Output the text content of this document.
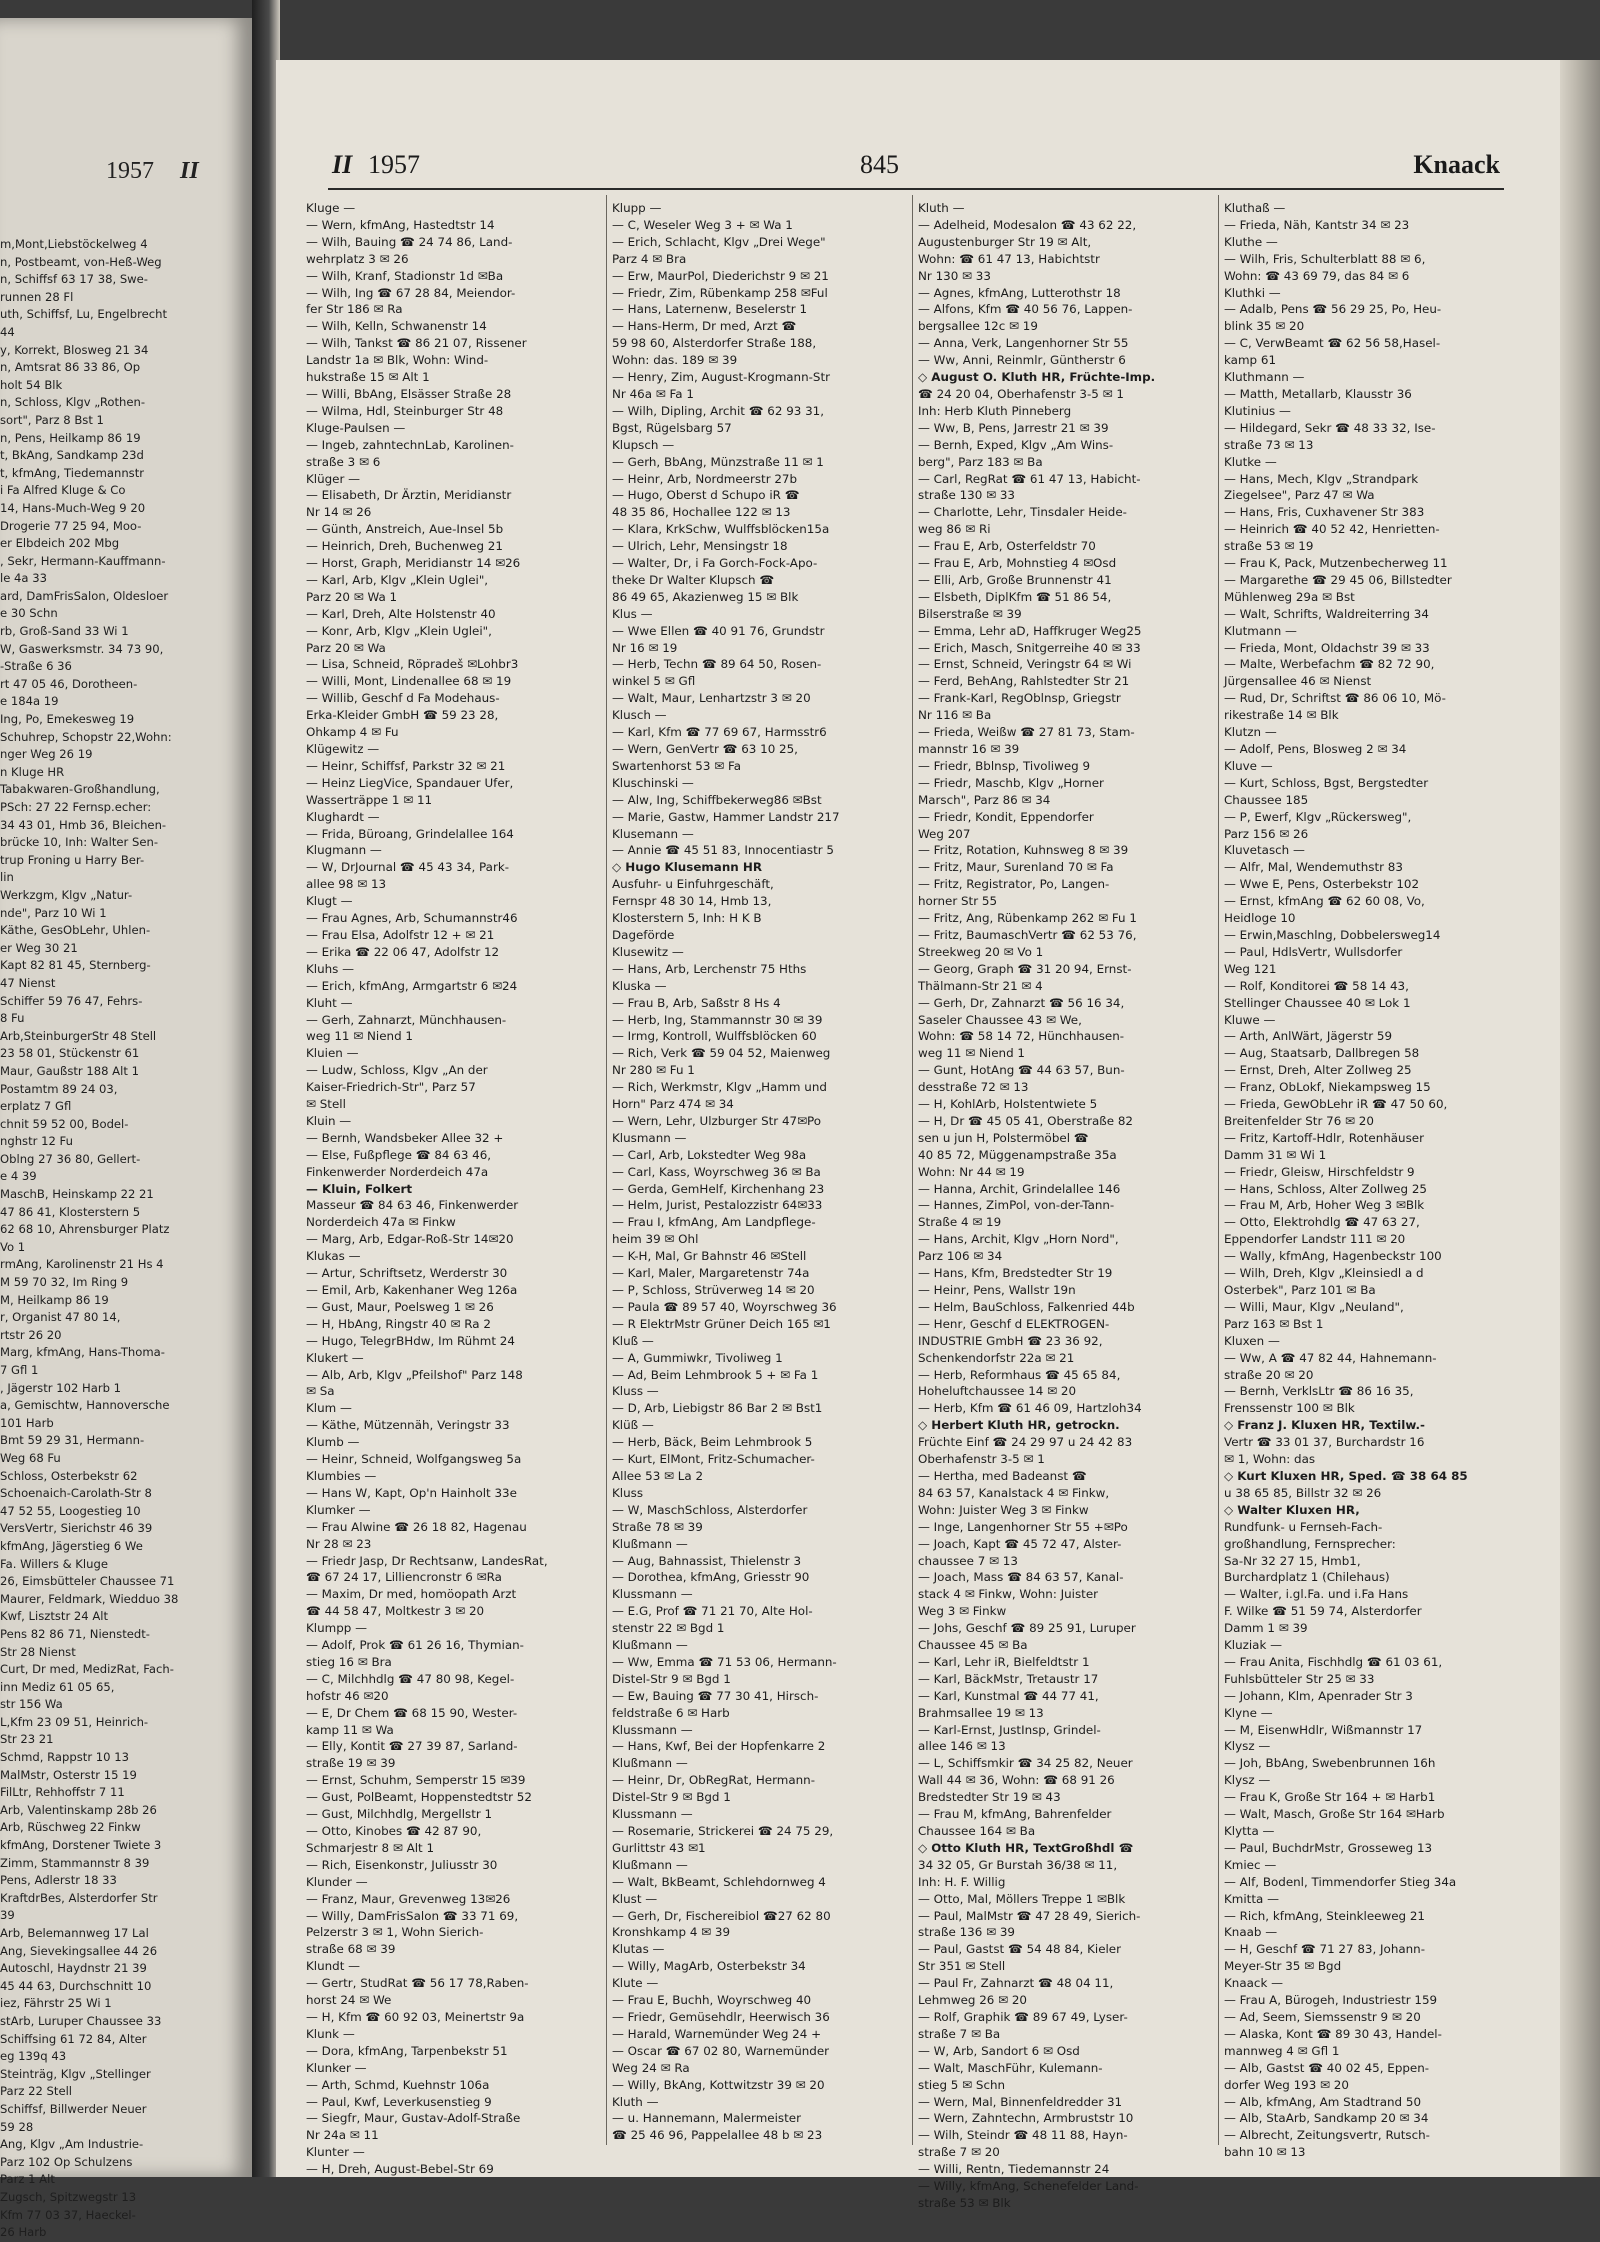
1957 II
m,Mont,Liebstöckelweg 4
n, Postbeamt, von-Heß-Weg
n, Schiffsf 63 17 38, Swe-
runnen 28 Fl
uth, Schiffsf, Lu, Engelbrecht
44
y, Korrekt, Blosweg 21 34
n, Amtsrat 86 33 86, Op
holt 54 Blk
n, Schloss, Klgv „Rothen-
sort", Parz 8 Bst 1
n, Pens, Heilkamp 86 19
t, BkAng, Sandkamp 23d
t, kfmAng, Tiedemannstr
i Fa Alfred Kluge & Co
14, Hans-Much-Weg 9 20
Drogerie 77 25 94, Moo-
er Elbdeich 202 Mbg
, Sekr, Hermann-Kauffmann-
le 4a 33
ard, DamFrisSalon, Oldesloer
e 30 Schn
rb, Groß-Sand 33 Wi 1
W, Gaswerksmstr. 34 73 90,
-Straße 6 36
rt 47 05 46, Dorotheen-
e 184a 19
Ing, Po, Emekesweg 19
Schuhrep, Schopstr 22,Wohn:
nger Weg 26 19
n Kluge HR
Tabakwaren-Großhandlung,
PSch: 27 22 Fernsp.echer:
34 43 01, Hmb 36, Bleichen-
brücke 10, Inh: Walter Sen-
trup Froning u Harry Ber-
lin
Werkzgm, Klgv „Natur-
nde", Parz 10 Wi 1
Käthe, GesObLehr, Uhlen-
er Weg 30 21
Kapt 82 81 45, Sternberg-
47 Nienst
Schiffer 59 76 47, Fehrs-
8 Fu
Arb,SteinburgerStr 48 Stell
23 58 01, Stückenstr 61
Maur, Gaußstr 188 Alt 1
Postamtm 89 24 03,
erplatz 7 Gfl
chnit 59 52 00, Bodel-
nghstr 12 Fu
Oblng 27 36 80, Gellert-
e 4 39
MaschB, Heinskamp 22 21
47 86 41, Klosterstern 5
62 68 10, Ahrensburger Platz
Vo 1
rmAng, Karolinenstr 21 Hs 4
M 59 70 32, Im Ring 9
M, Heilkamp 86 19
r, Organist 47 80 14,
rtstr 26 20
Marg, kfmAng, Hans-Thoma-
7 Gfl 1
, Jägerstr 102 Harb 1
a, Gemischtw, Hannoversche
101 Harb
Bmt 59 29 31, Hermann-
Weg 68 Fu
Schloss, Osterbekstr 62
Schoenaich-Carolath-Str 8
47 52 55, Loogestieg 10
VersVertr, Sierichstr 46 39
kfmAng, Jägerstieg 6 We
Fa. Willers & Kluge
26, Eimsbütteler Chaussee 71
Maurer, Feldmark, Wiedduo 38
Kwf, Lisztstr 24 Alt
Pens 82 86 71, Nienstedt-
Str 28 Nienst
Curt, Dr med, MedizRat, Fach-
inn Mediz 61 05 65,
str 156 Wa
L,Kfm 23 09 51, Heinrich-
Str 23 21
Schmd, Rappstr 10 13
MalMstr, Osterstr 15 19
FilLtr, Rehhoffstr 7 11
Arb, Valentinskamp 28b 26
Arb, Rüschweg 22 Finkw
kfmAng, Dorstener Twiete 3
Zimm, Stammannstr 8 39
Pens, Adlerstr 18 33
KraftdrBes, Alsterdorfer Str
39
Arb, Belemannweg 17 Lal
Ang, Sievekingsallee 44 26
Autoschl, Haydnstr 21 39
45 44 63, Durchschnitt 10
iez, Fährstr 25 Wi 1
stArb, Luruper Chaussee 33
Schiffsing 61 72 84, Alter
eg 139q 43
Steinträg, Klgv „Stellinger
Parz 22 Stell
Schiffsf, Billwerder Neuer
59 28
Ang, Klgv „Am Industrie-
Parz 102 Op Schulzens
Parz 1 Alt
Zugsch, Spitzwegstr 13
Kfm 77 03 37, Haeckel-
26 Harb
II 1957	845	Knaack
Kluge —
— Wern, kfmAng, Hastedtstr 14
— Wilh, Bauing ☎ 24 74 86, Land-
wehrplatz 3 ✉ 26
— Wilh, Kranf, Stadionstr 1d ✉Ba
— Wilh, Ing ☎ 67 28 84, Meiendor-
fer Str 186 ✉ Ra
— Wilh, Kelln, Schwanenstr 14
— Wilh, Tankst ☎ 86 21 07, Rissener
Landstr 1a ✉ Blk, Wohn: Wind-
hukstraße 15 ✉ Alt 1
— Willi, BbAng, Elsässer Straße 28
— Wilma, Hdl, Steinburger Str 48
Kluge-Paulsen —
— Ingeb, zahntechnLab, Karolinen-
straße 3 ✉ 6
Klüger —
— Elisabeth, Dr Ärztin, Meridianstr
Nr 14 ✉ 26
— Günth, Anstreich, Aue-Insel 5b
— Heinrich, Dreh, Buchenweg 21
— Horst, Graph, Meridianstr 14 ✉26
— Karl, Arb, Klgv „Klein Uglei",
Parz 20 ✉ Wa 1
— Karl, Dreh, Alte Holstenstr 40
— Konr, Arb, Klgv „Klein Uglei",
Parz 20 ✉ Wa
— Lisa, Schneid, Röpradeš ✉Lohbr3
— Willi, Mont, Lindenallee 68 ✉ 19
— Willib, Geschf d Fa Modehaus-
Erka-Kleider GmbH ☎ 59 23 28,
Ohkamp 4 ✉ Fu
Klügewitz —
— Heinr, Schiffsf, Parkstr 32 ✉ 21
— Heinz LiegVice, Spandauer Ufer,
Wasserträppe 1 ✉ 11
Klughardt —
— Frida, Büroang, Grindelallee 164
Klugmann —
— W, DrJournal ☎ 45 43 34, Park-
allee 98 ✉ 13
Klugt —
— Frau Agnes, Arb, Schumannstr46
— Frau Elsa, Adolfstr 12 + ✉ 21
— Erika ☎ 22 06 47, Adolfstr 12
Kluhs —
— Erich, kfmAng, Armgartstr 6 ✉24
Kluht —
— Gerh, Zahnarzt, Münchhausen-
weg 11 ✉ Niend 1
Kluien —
— Ludw, Schloss, Klgv „An der
Kaiser-Friedrich-Str", Parz 57
✉ Stell
Kluin —
— Bernh, Wandsbeker Allee 32 +
— Else, Fußpflege ☎ 84 63 46,
Finkenwerder Norderdeich 47a
— Kluin, Folkert
Masseur ☎ 84 63 46, Finkenwerder
Norderdeich 47a ✉ Finkw
— Marg, Arb, Edgar-Roß-Str 14✉20
Klukas —
— Artur, Schriftsetz, Werderstr 30
— Emil, Arb, Kakenhaner Weg 126a
— Gust, Maur, Poelsweg 1 ✉ 26
— H, HbAng, Ringstr 40 ✉ Ra 2
— Hugo, TelegrBHdw, Im Rühmt 24
Klukert —
— Alb, Arb, Klgv „Pfeilshof" Parz 148
✉ Sa
Klum —
— Käthe, Mützennäh, Veringstr 33
Klumb —
— Heinr, Schneid, Wolfgangsweg 5a
Klumbies —
— Hans W, Kapt, Op'n Hainholt 33e
Klumker —
— Frau Alwine ☎ 26 18 82, Hagenau
Nr 28 ✉ 23
— Friedr Jasp, Dr Rechtsanw, LandesRat,
☎ 67 24 17, Lilliencronstr 6 ✉Ra
— Maxim, Dr med, homöopath Arzt
☎ 44 58 47, Moltkestr 3 ✉ 20
Klumpp —
— Adolf, Prok ☎ 61 26 16, Thymian-
stieg 16 ✉ Bra
— C, Milchhdlg ☎ 47 80 98, Kegel-
hofstr 46 ✉20
— E, Dr Chem ☎ 68 15 90, Wester-
kamp 11 ✉ Wa
— Elly, Kontit ☎ 27 39 87, Sarland-
straße 19 ✉ 39
— Ernst, Schuhm, Semperstr 15 ✉39
— Gust, PolBeamt, Hoppenstedtstr 52
— Gust, Milchhdlg, Mergellstr 1
— Otto, Kinobes ☎ 42 87 90,
Schmarjestr 8 ✉ Alt 1
— Rich, Eisenkonstr, Juliusstr 30
Klunder —
— Franz, Maur, Grevenweg 13✉26
— Willy, DamFrisSalon ☎ 33 71 69,
Pelzerstr 3 ✉ 1, Wohn Sierich-
straße 68 ✉ 39
Klundt —
— Gertr, StudRat ☎ 56 17 78,Raben-
horst 24 ✉ We
— H, Kfm ☎ 60 92 03, Meinertstr 9a
Klunk —
— Dora, kfmAng, Tarpenbekstr 51
Klunker —
— Arth, Schmd, Kuehnstr 106a
— Paul, Kwf, Leverkusenstieg 9
— Siegfr, Maur, Gustav-Adolf-Straße
Nr 24a ✉ 11
Klunter —
— H, Dreh, August-Bebel-Str 69
Klupp —
— C, Weseler Weg 3 + ✉ Wa 1
— Erich, Schlacht, Klgv „Drei Wege"
Parz 4 ✉ Bra
— Erw, MaurPol, Diederichstr 9 ✉ 21
— Friedr, Zim, Rübenkamp 258 ✉Ful
— Hans, Laternenw, Beselerstr 1
— Hans-Herm, Dr med, Arzt ☎
59 98 60, Alsterdorfer Straße 188,
Wohn: das. 189 ✉ 39
— Henry, Zim, August-Krogmann-Str
Nr 46a ✉ Fa 1
— Wilh, Dipling, Archit ☎ 62 93 31,
Bgst, Rügelsbarg 57
Klupsch —
— Gerh, BbAng, Münzstraße 11 ✉ 1
— Heinr, Arb, Nordmeerstr 27b
— Hugo, Oberst d Schupo iR ☎
48 35 86, Hochallee 122 ✉ 13
— Klara, KrkSchw, Wulffsblöcken15a
— Ulrich, Lehr, Mensingstr 18
— Walter, Dr, i Fa Gorch-Fock-Apo-
theke Dr Walter Klupsch ☎
86 49 65, Akazienweg 15 ✉ Blk
Klus —
— Wwe Ellen ☎ 40 91 76, Grundstr
Nr 16 ✉ 19
— Herb, Techn ☎ 89 64 50, Rosen-
winkel 5 ✉ Gfl
— Walt, Maur, Lenhartzstr 3 ✉ 20
Klusch —
— Karl, Kfm ☎ 77 69 67, Harmsstr6
— Wern, GenVertr ☎ 63 10 25,
Swartenhorst 53 ✉ Fa
Kluschinski —
— Alw, Ing, Schiffbekerweg86 ✉Bst
— Marie, Gastw, Hammer Landstr 217
Klusemann —
— Annie ☎ 45 51 83, Innocentiastr 5
◇ Hugo Klusemann HR
Ausfuhr- u Einfuhrgeschäft,
Fernspr 48 30 14, Hmb 13,
Klosterstern 5, Inh: H K B
Dageförde
Klusewitz —
— Hans, Arb, Lerchenstr 75 Hths
Kluska —
— Frau B, Arb, Saßstr 8 Hs 4
— Herb, Ing, Stammannstr 30 ✉ 39
— Irmg, Kontroll, Wulffsblöcken 60
— Rich, Verk ☎ 59 04 52, Maienweg
Nr 280 ✉ Fu 1
— Rich, Werkmstr, Klgv „Hamm und
Horn" Parz 474 ✉ 34
— Wern, Lehr, Ulzburger Str 47✉Po
Klusmann —
— Carl, Arb, Lokstedter Weg 98a
— Carl, Kass, Woyrschweg 36 ✉ Ba
— Gerda, GemHelf, Kirchenhang 23
— Helm, Jurist, Pestalozzistr 64✉33
— Frau I, kfmAng, Am Landpflege-
heim 39 ✉ Ohl
— K-H, Mal, Gr Bahnstr 46 ✉Stell
— Karl, Maler, Margaretenstr 74a
— P, Schloss, Strüverweg 14 ✉ 20
— Paula ☎ 89 57 40, Woyrschweg 36
— R ElektrMstr Grüner Deich 165 ✉1
Kluß —
— A, Gummiwkr, Tivoliweg 1
— Ad, Beim Lehmbrook 5 + ✉ Fa 1
Kluss —
— D, Arb, Liebigstr 86 Bar 2 ✉ Bst1
Klüß —
— Herb, Bäck, Beim Lehmbrook 5
— Kurt, ElMont, Fritz-Schumacher-
Allee 53 ✉ La 2
Kluss
— W, MaschSchloss, Alsterdorfer
Straße 78 ✉ 39
Klußmann —
— Aug, Bahnassist, Thielenstr 3
— Dorothea, kfmAng, Griesstr 90
Klussmann —
— E.G, Prof ☎ 71 21 70, Alte Hol-
stenstr 22 ✉ Bgd 1
Klußmann —
— Ww, Emma ☎ 71 53 06, Hermann-
Distel-Str 9 ✉ Bgd 1
— Ew, Bauing ☎ 77 30 41, Hirsch-
feldstraße 6 ✉ Harb
Klussmann —
— Hans, Kwf, Bei der Hopfenkarre 2
Klußmann —
— Heinr, Dr, ObRegRat, Hermann-
Distel-Str 9 ✉ Bgd 1
Klussmann —
— Rosemarie, Strickerei ☎ 24 75 29,
Gurlittstr 43 ✉1
Klußmann —
— Walt, BkBeamt, Schlehdornweg 4
Klust —
— Gerh, Dr, Fischereibiol ☎27 62 80
Kronshkamp 4 ✉ 39
Klutas —
— Willy, MagArb, Osterbekstr 34
Klute —
— Frau E, Buchh, Woyrschweg 40
— Friedr, Gemüsehdlr, Heerwisch 36
— Harald, Warnemünder Weg 24 +
— Oscar ☎ 67 02 80, Warnemünder
Weg 24 ✉ Ra
— Willy, BkAng, Kottwitzstr 39 ✉ 20
Kluth —
— u. Hannemann, Malermeister
☎ 25 46 96, Pappelallee 48 b ✉ 23
Kluth —
— Adelheid, Modesalon ☎ 43 62 22,
Augustenburger Str 19 ✉ Alt,
Wohn: ☎ 61 47 13, Habichtstr
Nr 130 ✉ 33
— Agnes, kfmAng, Lutterothstr 18
— Alfons, Kfm ☎ 40 56 76, Lappen-
bergsallee 12c ✉ 19
— Anna, Verk, Langenhorner Str 55
— Ww, Anni, Reinmlr, Güntherstr 6
◇ August O. Kluth HR, Früchte-Imp.
☎ 24 20 04, Oberhafenstr 3-5 ✉ 1
Inh: Herb Kluth Pinneberg
— Ww, B, Pens, Jarrestr 21 ✉ 39
— Bernh, Exped, Klgv „Am Wins-
berg", Parz 183 ✉ Ba
— Carl, RegRat ☎ 61 47 13, Habicht-
straße 130 ✉ 33
— Charlotte, Lehr, Tinsdaler Heide-
weg 86 ✉ Ri
— Frau E, Arb, Osterfeldstr 70
— Frau E, Arb, Mohnstieg 4 ✉Osd
— Elli, Arb, Große Brunnenstr 41
— Elsbeth, DiplKfm ☎ 51 86 54,
Bilserstraße ✉ 39
— Emma, Lehr aD, Haffkruger Weg25
— Erich, Masch, Snitgerreihe 40 ✉ 33
— Ernst, Schneid, Veringstr 64 ✉ Wi
— Ferd, BehAng, Rahlstedter Str 21
— Frank-Karl, RegOblnsp, Griegstr
Nr 116 ✉ Ba
— Frieda, Weißw ☎ 27 81 73, Stam-
mannstr 16 ✉ 39
— Friedr, Bblnsp, Tivoliweg 9
— Friedr, Maschb, Klgv „Horner
Marsch", Parz 86 ✉ 34
— Friedr, Kondit, Eppendorfer
Weg 207
— Fritz, Rotation, Kuhnsweg 8 ✉ 39
— Fritz, Maur, Surenland 70 ✉ Fa
— Fritz, Registrator, Po, Langen-
horner Str 55
— Fritz, Ang, Rübenkamp 262 ✉ Fu 1
— Fritz, BaumaschVertr ☎ 62 53 76,
Streekweg 20 ✉ Vo 1
— Georg, Graph ☎ 31 20 94, Ernst-
Thälmann-Str 21 ✉ 4
— Gerh, Dr, Zahnarzt ☎ 56 16 34,
Saseler Chaussee 43 ✉ We,
Wohn: ☎ 58 14 72, Hünchhausen-
weg 11 ✉ Niend 1
— Gunt, HotAng ☎ 44 63 57, Bun-
desstraße 72 ✉ 13
— H, KohlArb, Holstentwiete 5
— H, Dr ☎ 45 05 41, Oberstraße 82
sen u jun H, Polstermöbel ☎
40 85 72, Müggenampstraße 35a
Wohn: Nr 44 ✉ 19
— Hanna, Archit, Grindelallee 146
— Hannes, ZimPol, von-der-Tann-
Straße 4 ✉ 19
— Hans, Archit, Klgv „Horn Nord",
Parz 106 ✉ 34
— Hans, Kfm, Bredstedter Str 19
— Heinr, Pens, Wallstr 19n
— Helm, BauSchloss, Falkenried 44b
— Henr, Geschf d ELEKTROGEN-
INDUSTRIE GmbH ☎ 23 36 92,
Schenkendorfstr 22a ✉ 21
— Herb, Reformhaus ☎ 45 65 84,
Hoheluftchaussee 14 ✉ 20
— Herb, Kfm ☎ 61 46 09, Hartzloh34
◇ Herbert Kluth HR, getrockn.
Früchte Einf ☎ 24 29 97 u 24 42 83
Oberhafenstr 3-5 ✉ 1
— Hertha, med Badeanst ☎
84 63 57, Kanalstack 4 ✉ Finkw,
Wohn: Juister Weg 3 ✉ Finkw
— Inge, Langenhorner Str 55 +✉Po
— Joach, Kapt ☎ 45 72 47, Alster-
chaussee 7 ✉ 13
— Joach, Mass ☎ 84 63 57, Kanal-
stack 4 ✉ Finkw, Wohn: Juister
Weg 3 ✉ Finkw
— Johs, Geschf ☎ 89 25 91, Luruper
Chaussee 45 ✉ Ba
— Karl, Lehr iR, Bielfeldtstr 1
— Karl, BäckMstr, Tretaustr 17
— Karl, Kunstmal ☎ 44 77 41,
Brahmsallee 19 ✉ 13
— Karl-Ernst, JustInsp, Grindel-
allee 146 ✉ 13
— L, Schiffsmkir ☎ 34 25 82, Neuer
Wall 44 ✉ 36, Wohn: ☎ 68 91 26
Bredstedter Str 19 ✉ 43
— Frau M, kfmAng, Bahrenfelder
Chaussee 164 ✉ Ba
◇ Otto Kluth HR, TextGroßhdl ☎
34 32 05, Gr Burstah 36/38 ✉ 11,
Inh: H. F. Willig
— Otto, Mal, Möllers Treppe 1 ✉Blk
— Paul, MalMstr ☎ 47 28 49, Sierich-
straße 136 ✉ 39
— Paul, Gastst ☎ 54 48 84, Kieler
Str 351 ✉ Stell
— Paul Fr, Zahnarzt ☎ 48 04 11,
Lehmweg 26 ✉ 20
— Rolf, Graphik ☎ 89 67 49, Lyser-
straße 7 ✉ Ba
— W, Arb, Sandort 6 ✉ Osd
— Walt, MaschFühr, Kulemann-
stieg 5 ✉ Schn
— Wern, Mal, Binnenfeldredder 31
— Wern, Zahntechn, Armbruststr 10
— Wilh, Steindr ☎ 48 11 88, Hayn-
straße 7 ✉ 20
— Willi, Rentn, Tiedemannstr 24
— Willy, kfmAng, Schenefelder Land-
straße 53 ✉ Blk
Kluthaß —
— Frieda, Näh, Kantstr 34 ✉ 23
Kluthe —
— Wilh, Fris, Schulterblatt 88 ✉ 6,
Wohn: ☎ 43 69 79, das 84 ✉ 6
Kluthki —
— Adalb, Pens ☎ 56 29 25, Po, Heu-
blink 35 ✉ 20
— C, VerwBeamt ☎ 62 56 58,Hasel-
kamp 61
Kluthmann —
— Matth, Metallarb, Klausstr 36
Klutinius —
— Hildegard, Sekr ☎ 48 33 32, Ise-
straße 73 ✉ 13
Klutke —
— Hans, Mech, Klgv „Strandpark
Ziegelsee", Parz 47 ✉ Wa
— Hans, Fris, Cuxhavener Str 383
— Heinrich ☎ 40 52 42, Henrietten-
straße 53 ✉ 19
— Frau K, Pack, Mutzenbecherweg 11
— Margarethe ☎ 29 45 06, Billstedter
Mühlenweg 29a ✉ Bst
— Walt, Schrifts, Waldreiterring 34
Klutmann —
— Frieda, Mont, Oldachstr 39 ✉ 33
— Malte, Werbefachm ☎ 82 72 90,
Jürgensallee 46 ✉ Nienst
— Rud, Dr, Schriftst ☎ 86 06 10, Mö-
rikestraße 14 ✉ Blk
Klutzn —
— Adolf, Pens, Blosweg 2 ✉ 34
Kluve —
— Kurt, Schloss, Bgst, Bergstedter
Chaussee 185
— P, Ewerf, Klgv „Rückersweg",
Parz 156 ✉ 26
Kluvetasch —
— Alfr, Mal, Wendemuthstr 83
— Wwe E, Pens, Osterbekstr 102
— Ernst, kfmAng ☎ 62 60 08, Vo,
Heidloge 10
— Erwin,Maschlng, Dobbelersweg14
— Paul, HdlsVertr, Wullsdorfer
Weg 121
— Rolf, Konditorei ☎ 58 14 43,
Stellinger Chaussee 40 ✉ Lok 1
Kluwe —
— Arth, AnlWärt, Jägerstr 59
— Aug, Staatsarb, Dallbregen 58
— Ernst, Dreh, Alter Zollweg 25
— Franz, ObLokf, Niekampsweg 15
— Frieda, GewObLehr iR ☎ 47 50 60,
Breitenfelder Str 76 ✉ 20
— Fritz, Kartoff-Hdlr, Rotenhäuser
Damm 31 ✉ Wi 1
— Friedr, Gleisw, Hirschfeldstr 9
— Hans, Schloss, Alter Zollweg 25
— Frau M, Arb, Hoher Weg 3 ✉Blk
— Otto, Elektrohdlg ☎ 47 63 27,
Eppendorfer Landstr 111 ✉ 20
— Wally, kfmAng, Hagenbeckstr 100
— Wilh, Dreh, Klgv „Kleinsiedl a d
Osterbek", Parz 101 ✉ Ba
— Willi, Maur, Klgv „Neuland",
Parz 163 ✉ Bst 1
Kluxen —
— Ww, A ☎ 47 82 44, Hahnemann-
straße 20 ✉ 20
— Bernh, VerklsLtr ☎ 86 16 35,
Frenssenstr 100 ✉ Blk
◇ Franz J. Kluxen HR, Textilw.-
Vertr ☎ 33 01 37, Burchardstr 16
✉ 1, Wohn: das
◇ Kurt Kluxen HR, Sped. ☎ 38 64 85
u 38 65 85, Billstr 32 ✉ 26
◇ Walter Kluxen HR,
Rundfunk- u Fernseh-Fach-
großhandlung, Fernsprecher:
Sa-Nr 32 27 15, Hmb1,
Burchardplatz 1 (Chilehaus)
— Walter, i.gl.Fa. und i.Fa Hans
F. Wilke ☎ 51 59 74, Alsterdorfer
Damm 1 ✉ 39
Kluziak —
— Frau Anita, Fischhdlg ☎ 61 03 61,
Fuhlsbütteler Str 25 ✉ 33
— Johann, Klm, Apenrader Str 3
Klyne —
— M, EisenwHdlr, Wißmannstr 17
Klysz —
— Joh, BbAng, Swebenbrunnen 16h
Klysz —
— Frau K, Große Str 164 + ✉ Harb1
— Walt, Masch, Große Str 164 ✉Harb
Klytta —
— Paul, BuchdrMstr, Grosseweg 13
Kmiec —
— Alf, Bodenl, Timmendorfer Stieg 34a
Kmitta —
— Rich, kfmAng, Steinkleeweg 21
Knaab —
— H, Geschf ☎ 71 27 83, Johann-
Meyer-Str 35 ✉ Bgd
Knaack —
— Frau A, Bürogeh, Industriestr 159
— Ad, Seem, Siemssenstr 9 ✉ 20
— Alaska, Kont ☎ 89 30 43, Handel-
mannweg 4 ✉ Gfl 1
— Alb, Gastst ☎ 40 02 45, Eppen-
dorfer Weg 193 ✉ 20
— Alb, kfmAng, Am Stadtrand 50
— Alb, StaArb, Sandkamp 20 ✉ 34
— Albrecht, Zeitungsvertr, Rutsch-
bahn 10 ✉ 13
